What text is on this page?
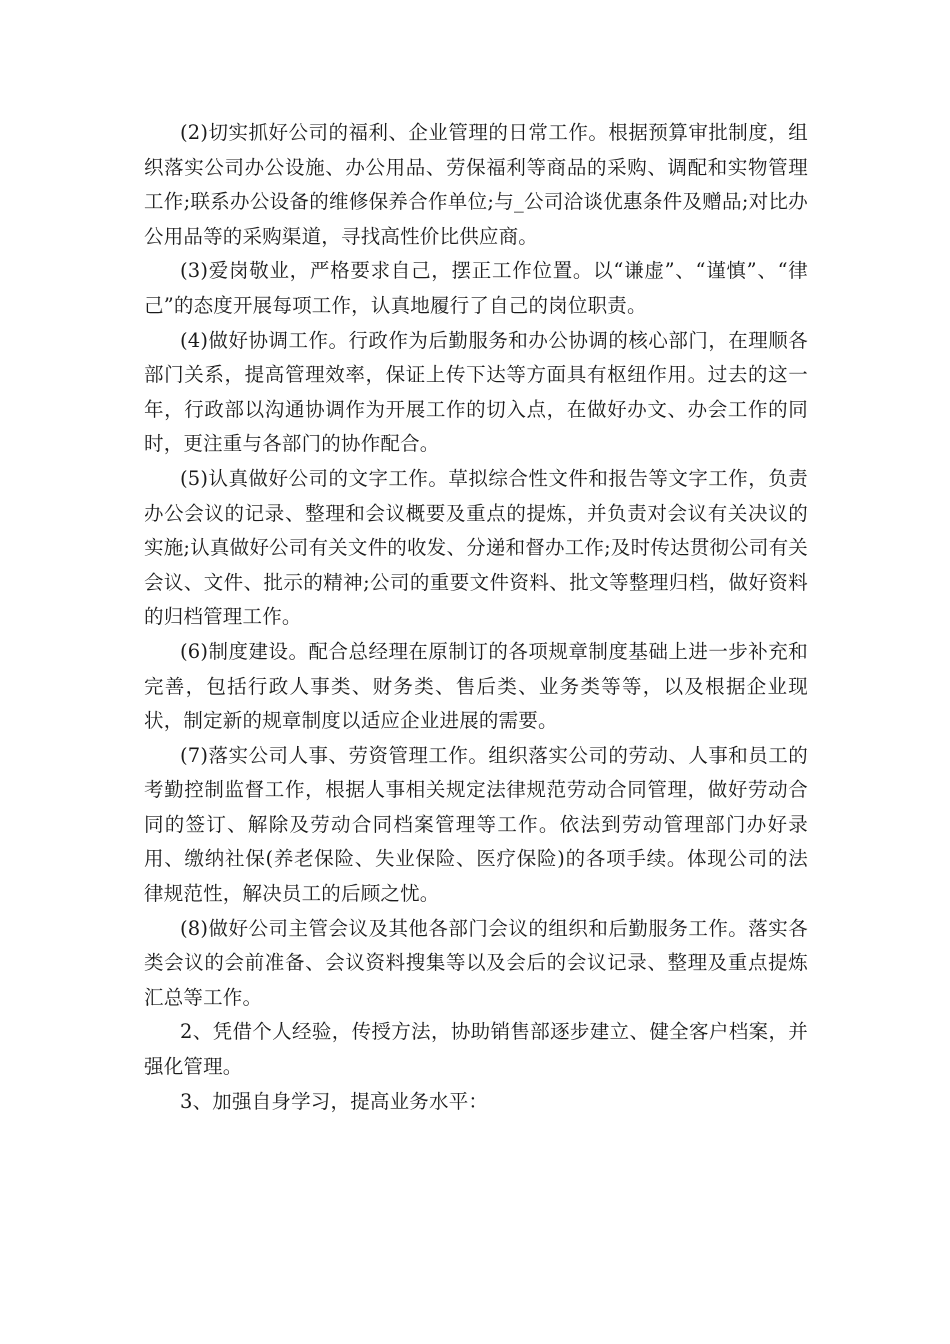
(2)切实抓好公司的福利、企业管理的日常工作。根据预算审批制度，组织落实公司办公设施、办公用品、劳保福利等商品的采购、调配和实物管理工作;联系办公设备的维修保养合作单位;与_公司洽谈优惠条件及赠品;对比办公用品等的采购渠道，寻找高性价比供应商。

(3)爱岗敬业，严格要求自己，摆正工作位置。以“谦虚”、“谨慎”、“律己”的态度开展每项工作，认真地履行了自己的岗位职责。

(4)做好协调工作。行政作为后勤服务和办公协调的核心部门，在理顺各部门关系，提高管理效率，保证上传下达等方面具有枢纽作用。过去的这一年，行政部以沟通协调作为开展工作的切入点，在做好办文、办会工作的同时，更注重与各部门的协作配合。

(5)认真做好公司的文字工作。草拟综合性文件和报告等文字工作，负责办公会议的记录、整理和会议概要及重点的提炼，并负责对会议有关决议的实施;认真做好公司有关文件的收发、分递和督办工作;及时传达贯彻公司有关会议、文件、批示的精神;公司的重要文件资料、批文等整理归档，做好资料的归档管理工作。

(6)制度建设。配合总经理在原制订的各项规章制度基础上进一步补充和完善，包括行政人事类、财务类、售后类、业务类等等，以及根据企业现状，制定新的规章制度以适应企业进展的需要。

(7)落实公司人事、劳资管理工作。组织落实公司的劳动、人事和员工的考勤控制监督工作，根据人事相关规定法律规范劳动合同管理，做好劳动合同的签订、解除及劳动合同档案管理等工作。依法到劳动管理部门办好录用、缴纳社保(养老保险、失业保险、医疗保险)的各项手续。体现公司的法律规范性，解决员工的后顾之忧。

(8)做好公司主管会议及其他各部门会议的组织和后勤服务工作。落实各类会议的会前准备、会议资料搜集等以及会后的会议记录、整理及重点提炼汇总等工作。

2、凭借个人经验，传授方法，协助销售部逐步建立、健全客户档案，并强化管理。

3、加强自身学习，提高业务水平：
